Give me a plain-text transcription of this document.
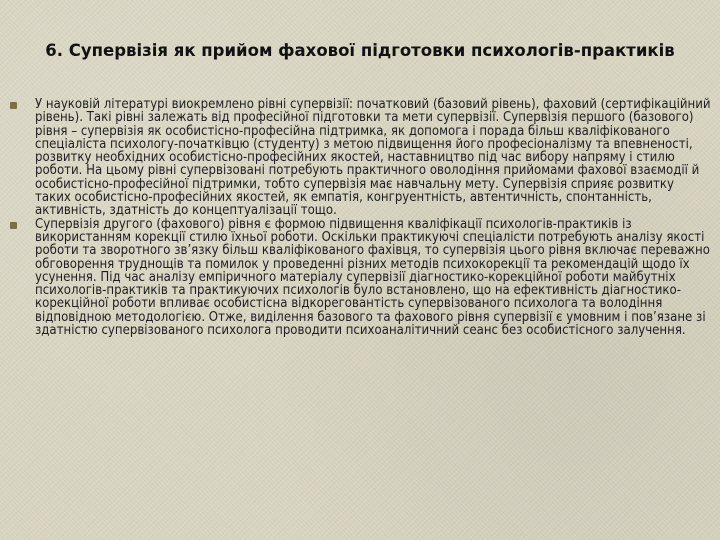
6. Супервізія як прийом фахової підготовки психологів-практиків
У науковій літературі виокремлено рівні супервізії: початковий (базовий рівень), фаховий (сертифікаційний рівень). Такі рівні залежать від професійної підготовки та мети супервізії. Супервізія першого (базового) рівня – супервізія як особистісно-професійна підтримка, як допомога і порада більш кваліфікованого спеціаліста психологу-початківцю (студенту) з метою підвищення його професіоналізму та впевненості, розвитку необхідних особистісно-професійних якостей, наставництво під час вибору напряму і стилю роботи. На цьому рівні супервізовані потребують практичного оволодіння прийомами фахової взаємодії й особистісно-професійної підтримки, тобто супервізія має навчальну мету. Супервізія сприяє розвитку таких особистісно-професійних якостей, як емпатія, конгруентність, автентичність, спонтанність, активність, здатність до концептуалізації тощо.
Супервізія другого (фахового) рівня є формою підвищення кваліфікації психологів-практиків із використанням корекції стилю їхньої роботи. Оскільки практикуючі спеціалісти потребують аналізу якості роботи та зворотного зв’язку більш кваліфікованого фахівця, то супервізія цього рівня включає переважно обговорення труднощів та помилок у проведенні різних методів психокорекції та рекомендацій щодо їх усунення. Під час аналізу емпіричного матеріалу супервізії діагностико-корекційної роботи майбутніх психологів-практиків та практикуючих психологів було встановлено, що на ефективність діагностико-корекційної роботи впливає особистісна відкореговантість супервізованого психолога та володіння відповідною методологією. Отже, виділення базового та фахового рівня супервізії є умовним і пов’язане зі здатністю супервізованого психолога проводити психоаналітичний сеанс без особистісного залучення.
